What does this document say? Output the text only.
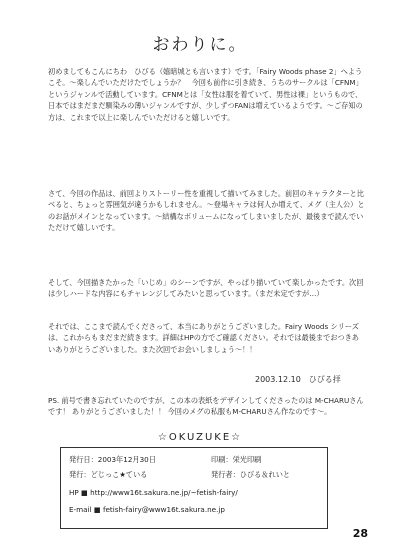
おわりに。
初めましてもこんにちわ　ひびる（嬉暗城とも言います）です。「Fairy Woods phase 2」へようこそ。～楽しんでいただけたでしょうか？　今回も前作に引き続き、うちのサークルは「CFNM」というジャンルで活動しています。CFNMとは「女性は服を着ていて、男性は裸」というもので、日本ではまだまだ馴染みの薄いジャンルですが、少しずつFANは増えているようです。～ご存知の方は、これまで以上に楽しんでいただけると嬉しいです。
さて、今回の作品は、前回よりストーリー性を重視して描いてみました。前回のキャラクターと比べると、ちょっと雰囲気が違うかもしれません。～登場キャラは何人か増えて、メグ（主人公）とのお話がメインとなっています。～結構なボリュームになってしまいましたが、最後まで読んでいただけて嬉しいです。
そして、今回描きたかった「いじめ」のシーンですが、やっぱり描いていて楽しかったです。次回は少しハードな内容にもチャレンジしてみたいと思っています。（まだ未定ですが…）
それでは、ここまで読んでくださって、本当にありがとうございました。Fairy Woods シリーズは、これからもまだまだ続きます。詳細はHPの方でご確認ください。それでは最後までおつきあいありがとうございました。また次回でお会いしましょう～！！
2003.12.10　ひびる拝
PS. 前号で書き忘れていたのですが、この本の表紙をデザインしてくださったのは M-CHARUさん です！ ありがとうございました！！ 今回のメグの私服もM-CHARUさん作なのです～。
☆OKUZUKE☆
発行日：2003年12月30日	印刷：栄光印刷
発行：どじっこ★ている	発行者：ひびる＆れいと
HP ■ http://www16t.sakura.ne.jp/~fetish-fairy/
E-mail ■ fetish-fairy@www16t.sakura.ne.jp
28
